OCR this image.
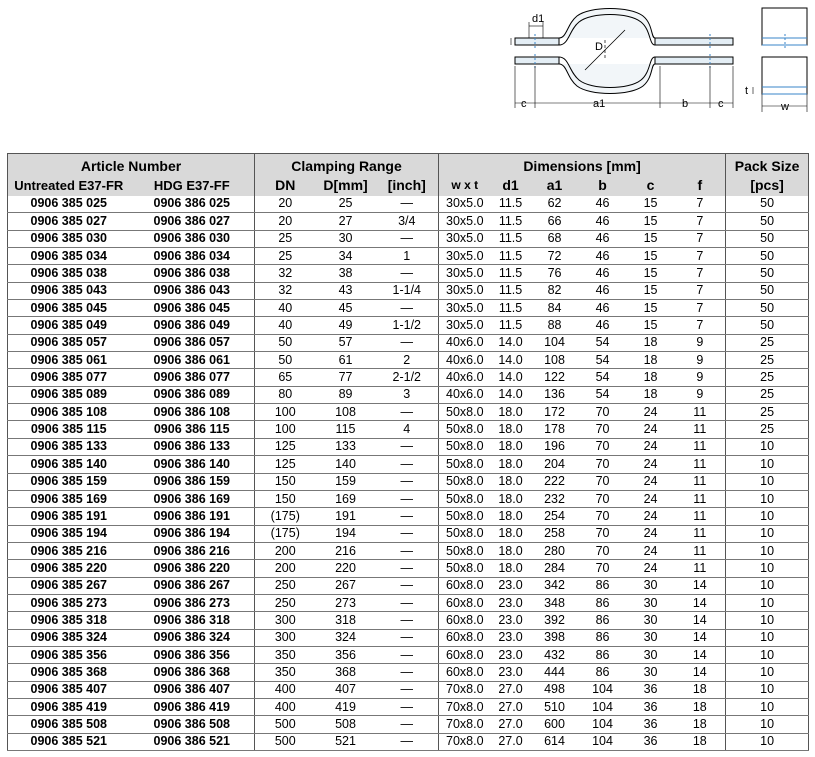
d1
D
c	a1	b	c
t
w
Article Number		Clamping Range			Dimensions [mm]						Pack Size
Untreated E37-FR	HDG E37-FF	DN	D[mm]	[inch]	w x t	d1	a1	b	c	f	[pcs]
0906 385 025	0906 386 025	20	25	—	30x5.0	11.5	62	46	15	7	50
0906 385 027	0906 386 027	20	27	3/4	30x5.0	11.5	66	46	15	7	50
0906 385 030	0906 386 030	25	30	—	30x5.0	11.5	68	46	15	7	50
0906 385 034	0906 386 034	25	34	1	30x5.0	11.5	72	46	15	7	50
0906 385 038	0906 386 038	32	38	—	30x5.0	11.5	76	46	15	7	50
0906 385 043	0906 386 043	32	43	1-1/4	30x5.0	11.5	82	46	15	7	50
0906 385 045	0906 386 045	40	45	—	30x5.0	11.5	84	46	15	7	50
0906 385 049	0906 386 049	40	49	1-1/2	30x5.0	11.5	88	46	15	7	50
0906 385 057	0906 386 057	50	57	—	40x6.0	14.0	104	54	18	9	25
0906 385 061	0906 386 061	50	61	2	40x6.0	14.0	108	54	18	9	25
0906 385 077	0906 386 077	65	77	2-1/2	40x6.0	14.0	122	54	18	9	25
0906 385 089	0906 386 089	80	89	3	40x6.0	14.0	136	54	18	9	25
0906 385 108	0906 386 108	100	108	—	50x8.0	18.0	172	70	24	11	25
0906 385 115	0906 386 115	100	115	4	50x8.0	18.0	178	70	24	11	25
0906 385 133	0906 386 133	125	133	—	50x8.0	18.0	196	70	24	11	10
0906 385 140	0906 386 140	125	140	—	50x8.0	18.0	204	70	24	11	10
0906 385 159	0906 386 159	150	159	—	50x8.0	18.0	222	70	24	11	10
0906 385 169	0906 386 169	150	169	—	50x8.0	18.0	232	70	24	11	10
0906 385 191	0906 386 191	(175)	191	—	50x8.0	18.0	254	70	24	11	10
0906 385 194	0906 386 194	(175)	194	—	50x8.0	18.0	258	70	24	11	10
0906 385 216	0906 386 216	200	216	—	50x8.0	18.0	280	70	24	11	10
0906 385 220	0906 386 220	200	220	—	50x8.0	18.0	284	70	24	11	10
0906 385 267	0906 386 267	250	267	—	60x8.0	23.0	342	86	30	14	10
0906 385 273	0906 386 273	250	273	—	60x8.0	23.0	348	86	30	14	10
0906 385 318	0906 386 318	300	318	—	60x8.0	23.0	392	86	30	14	10
0906 385 324	0906 386 324	300	324	—	60x8.0	23.0	398	86	30	14	10
0906 385 356	0906 386 356	350	356	—	60x8.0	23.0	432	86	30	14	10
0906 385 368	0906 386 368	350	368	—	60x8.0	23.0	444	86	30	14	10
0906 385 407	0906 386 407	400	407	—	70x8.0	27.0	498	104	36	18	10
0906 385 419	0906 386 419	400	419	—	70x8.0	27.0	510	104	36	18	10
0906 385 508	0906 386 508	500	508	—	70x8.0	27.0	600	104	36	18	10
0906 385 521	0906 386 521	500	521	—	70x8.0	27.0	614	104	36	18	10
